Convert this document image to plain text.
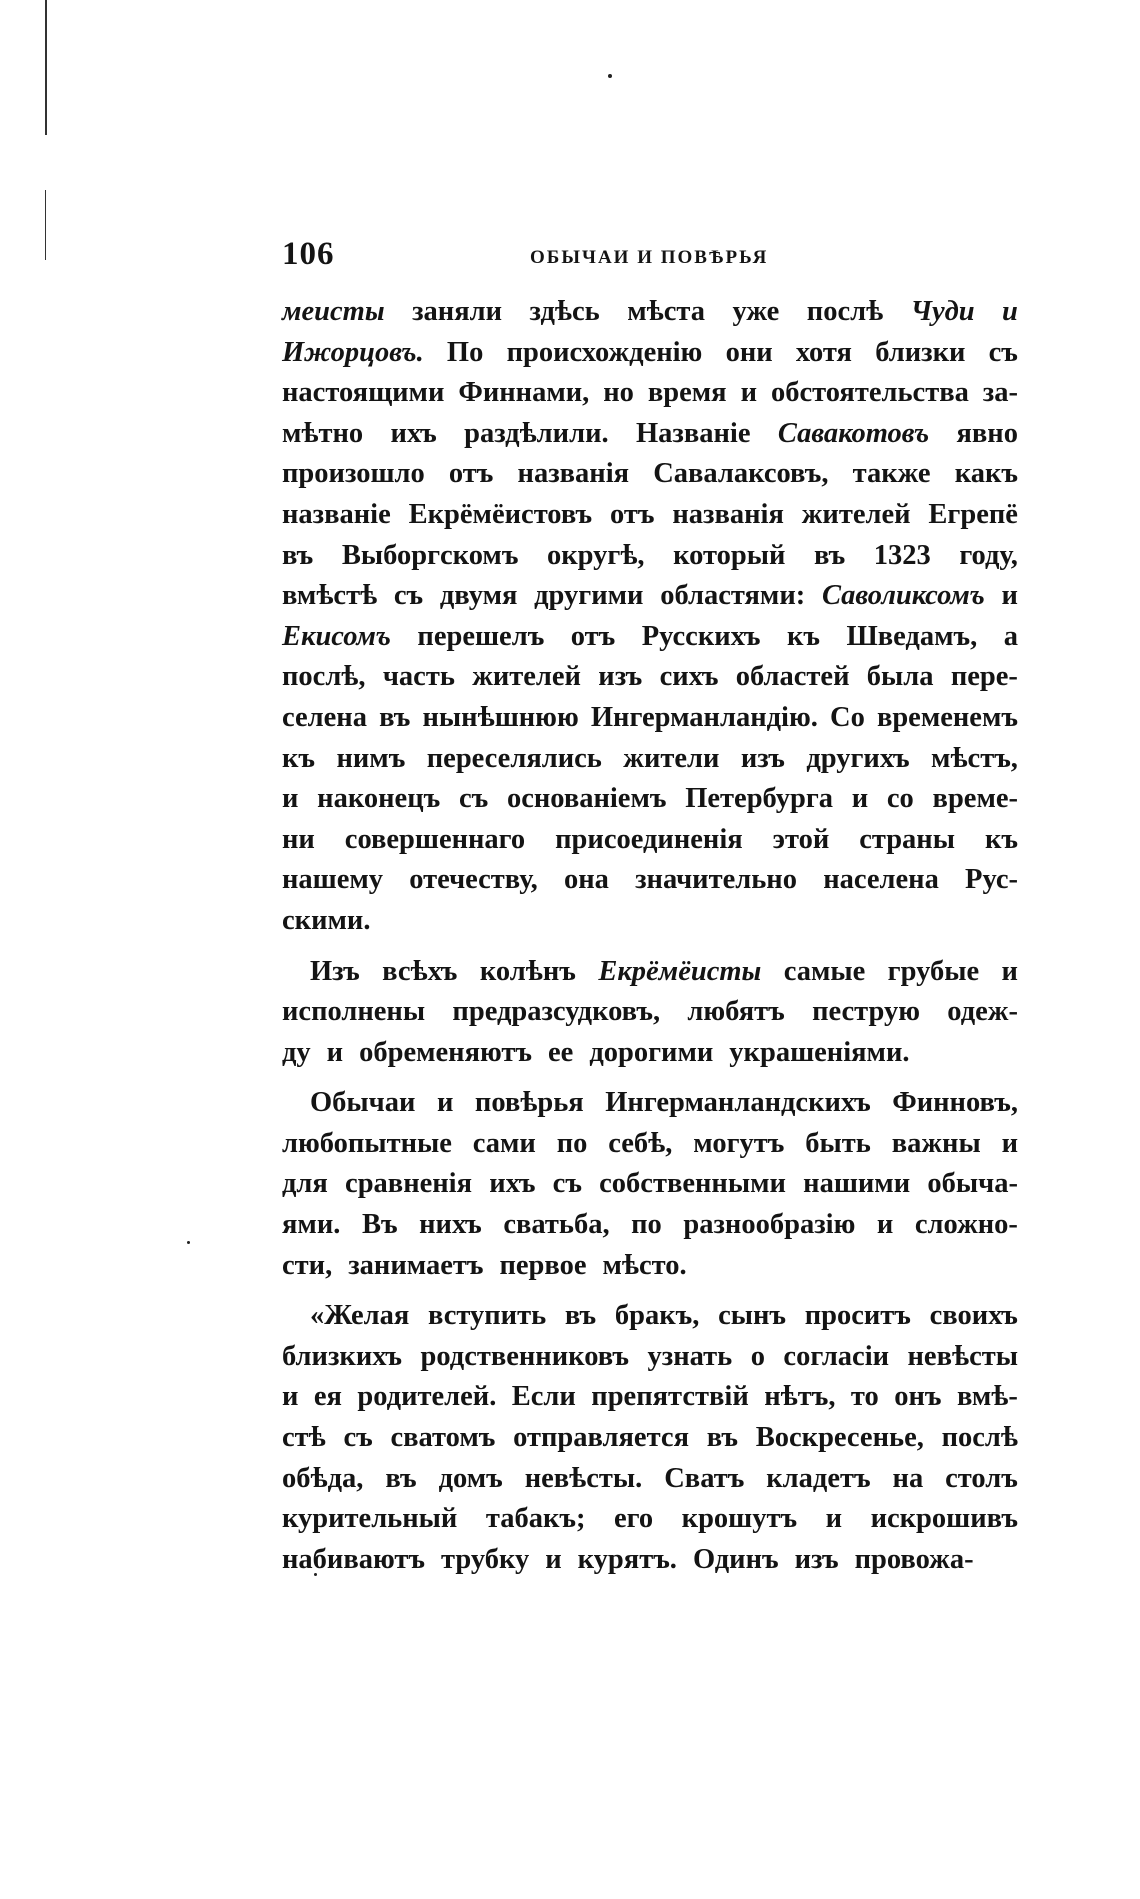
106	ОБЫЧАИ И ПОВѢРЬЯ
меисты заняли здѣсь мѣста уже послѣ Чуди и
Ижорцовъ. По происхожденію они хотя близки съ
настоящими Финнами, но время и обстоятельства за-
мѣтно ихъ раздѣлили. Названіе Савакотовъ явно
произошло отъ названія Савалаксовъ, также какъ
названіе Екрёмёистовъ отъ названія жителей Егрепё
въ Выборгскомъ округѣ, который въ 1323 году,
вмѣстѣ съ двумя другими областями: Саволиксомъ и
Екисомъ перешелъ отъ Русскихъ къ Шведамъ, а
послѣ, часть жителей изъ сихъ областей была пере-
селена въ нынѣшнюю Ингерманландію. Со временемъ
къ нимъ переселялись жители изъ другихъ мѣстъ,
и наконецъ съ основаніемъ Петербурга и со време-
ни совершеннаго присоединенія этой страны къ
нашему отечеству, она значительно населена Рус-
скими.
Изъ всѣхъ колѣнъ Екрёмёисты самые грубые и
исполнены предразсудковъ, любятъ пеструю одеж-
ду и обременяютъ ее дорогими украшеніями.
Обычаи и повѣрья Ингерманландскихъ Финновъ,
любопытные сами по себѣ, могутъ быть важны и
для сравненія ихъ съ собственными нашими обыча-
ями. Въ нихъ сватьба, по разнообразію и сложно-
сти, занимаетъ первое мѣсто.
«Желая вступить въ бракъ, сынъ проситъ своихъ
близкихъ родственниковъ узнать о согласіи невѣсты
и ея родителей. Если препятствій нѣтъ, то онъ вмѣ-
стѣ съ сватомъ отправляется въ Воскресенье, послѣ
обѣда, въ домъ невѣсты. Сватъ кладетъ на столъ
курительный табакъ; его крошутъ и искрошивъ
набиваютъ трубку и курятъ. Одинъ изъ провожа-
